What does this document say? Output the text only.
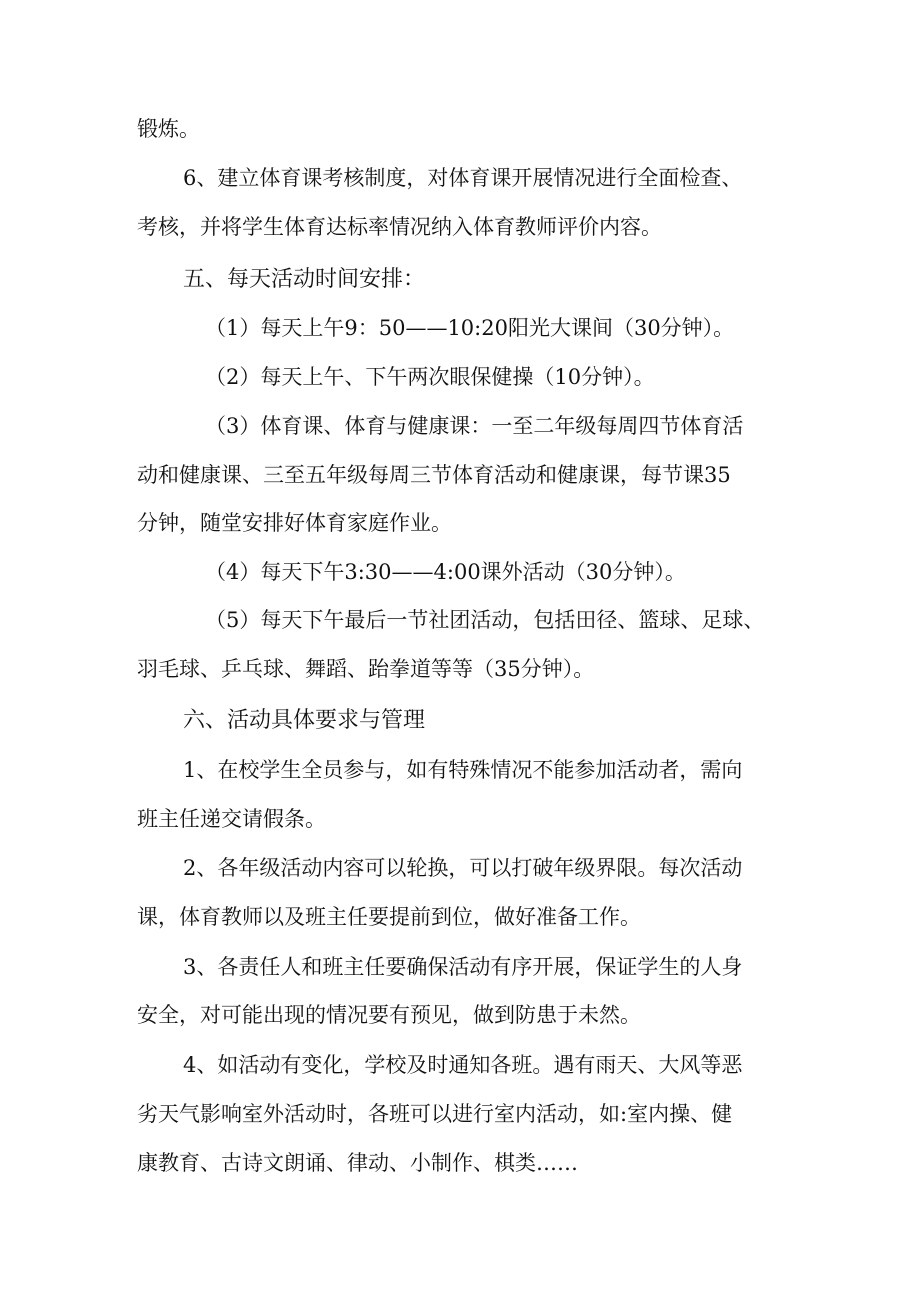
锻炼。
6、建立体育课考核制度，对体育课开展情况进行全面检查、
考核，并将学生体育达标率情况纳入体育教师评价内容。
五、每天活动时间安排：
（1）每天上午9：50——10:20阳光大课间（30分钟）。
（2）每天上午、下午两次眼保健操（10分钟）。
（3）体育课、体育与健康课：一至二年级每周四节体育活
动和健康课、三至五年级每周三节体育活动和健康课，每节课35
分钟，随堂安排好体育家庭作业。
（4）每天下午3:30——4:00课外活动（30分钟）。
（5）每天下午最后一节社团活动，包括田径、篮球、足球、
羽毛球、乒乓球、舞蹈、跆拳道等等（35分钟）。
六、活动具体要求与管理
1、在校学生全员参与，如有特殊情况不能参加活动者，需向
班主任递交请假条。
2、各年级活动内容可以轮换，可以打破年级界限。每次活动
课，体育教师以及班主任要提前到位，做好准备工作。
3、各责任人和班主任要确保活动有序开展，保证学生的人身
安全，对可能出现的情况要有预见，做到防患于未然。
4、如活动有变化，学校及时通知各班。遇有雨天、大风等恶
劣天气影响室外活动时，各班可以进行室内活动，如:室内操、健
康教育、古诗文朗诵、律动、小制作、棋类……
